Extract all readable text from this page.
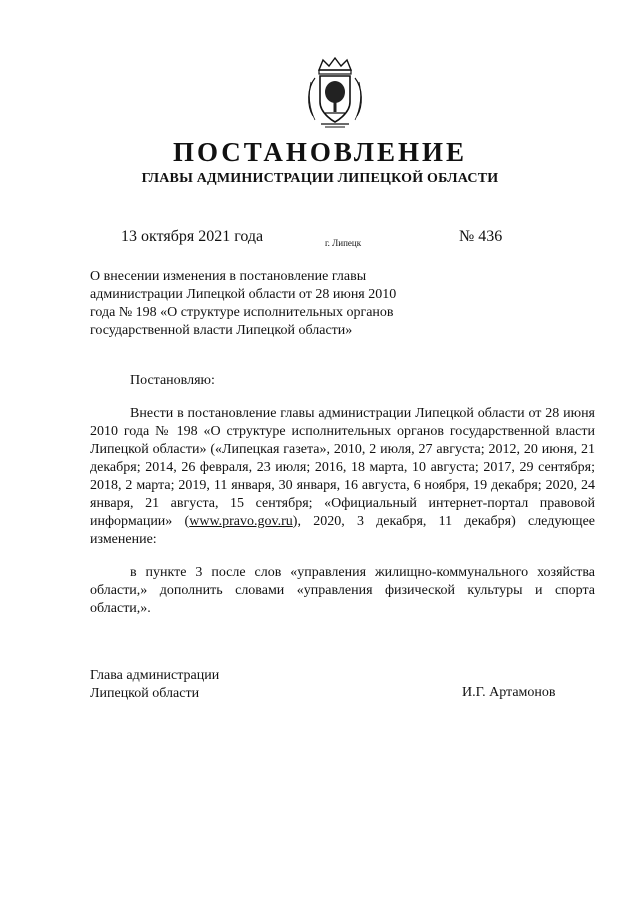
ПОСТАНОВЛЕНИЕ
ГЛАВЫ АДМИНИСТРАЦИИ ЛИПЕЦКОЙ ОБЛАСТИ
13 октября 2021 года	г. Липецк	№ 436

О внесении изменения в постановление главы
администрации Липецкой области от 28 июня 2010
года № 198 «О структуре исполнительных органов
государственной власти Липецкой области»

Постановляю:

Внести в постановление главы администрации Липецкой области от 28 июня 2010 года № 198 «О структуре исполнительных органов государственной власти Липецкой области» («Липецкая газета», 2010, 2 июля, 27 августа; 2012, 20 июня, 21 декабря; 2014, 26 февраля, 23 июля; 2016, 18 марта, 10 августа; 2017, 29 сентября; 2018, 2 марта; 2019, 11 января, 30 января, 16 августа, 6 ноября, 19 декабря; 2020, 24 января, 21 августа, 15 сентября; «Официальный интернет-портал правовой информации» (www.pravo.gov.ru), 2020, 3 декабря, 11 декабря) следующее изменение:

в пункте 3 после слов «управления жилищно-коммунального хозяйства области,» дополнить словами «управления физической культуры и спорта области,».

Глава администрации
Липецкой области	И.Г. Артамонов
